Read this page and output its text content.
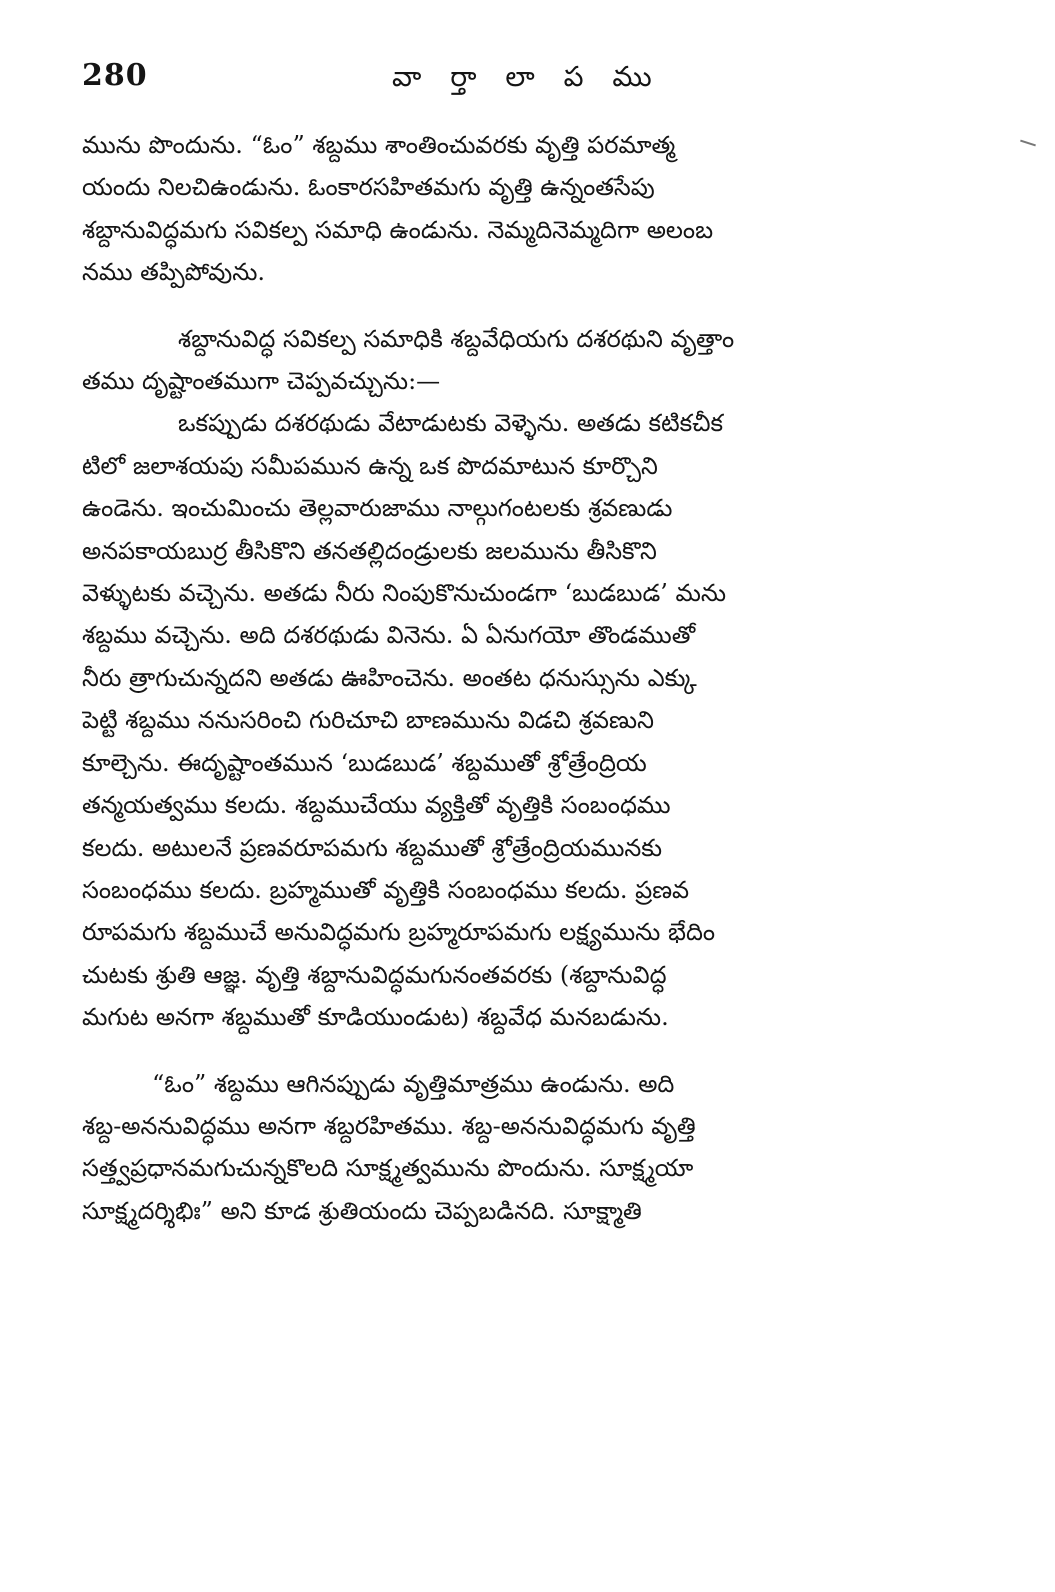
280	వా ర్తా లా ప ము

మును పొందును. “ఓం” శబ్దము శాంతించువరకు వృత్తి పరమాత్మ
యందు నిలచిఉండును. ఓంకారసహితమగు వృత్తి ఉన్నంతసేపు
శబ్దానువిద్ధమగు సవికల్ప సమాధి ఉండును. నెమ్మదినెమ్మదిగా అలంబ
నము తప్పిపోవును.

శబ్దానువిద్ధ సవికల్ప సమాధికి శబ్దవేధియగు దశరథుని వృత్తాం
తము దృష్టాంతముగా చెప్పవచ్చును:—

ఒకప్పుడు దశరథుడు వేటాడుటకు వెళ్ళెను. అతడు కటికచీక
టిలో జలాశయపు సమీపమున ఉన్న ఒక పొదమాటున కూర్చొని
ఉండెను. ఇంచుమించు తెల్లవారుజాము నాల్గుగంటలకు శ్రవణుడు
అనపకాయబుర్ర తీసికొని తనతల్లిదండ్రులకు జలమును తీసికొని
వెళ్ళుటకు వచ్చెను. అతడు నీరు నింపుకొనుచుండగా ‘బుడబుడ’ మను
శబ్దము వచ్చెను. అది దశరథుడు వినెను. ఏ ఏనుగయో తొండముతో
నీరు త్రాగుచున్నదని అతడు ఊహించెను. అంతట ధనుస్సును ఎక్కు
పెట్టి శబ్దము ననుసరించి గురిచూచి బాణమును విడచి శ్రవణుని
కూల్చెను. ఈదృష్టాంతమున ‘బుడబుడ’ శబ్దముతో శ్రోత్రేంద్రియ
తన్మయత్వము కలదు. శబ్దముచేయు వ్యక్తితో వృత్తికి సంబంధము
కలదు. అటులనే ప్రణవరూపమగు శబ్దముతో శ్రోత్రేంద్రియమునకు
సంబంధము కలదు. బ్రహ్మముతో వృత్తికి సంబంధము కలదు. ప్రణవ
రూపమగు శబ్దముచే అనువిద్ధమగు బ్రహ్మరూపమగు లక్ష్యమును భేదిం
చుటకు శ్రుతి ఆజ్ఞ. వృత్తి శబ్దానువిద్ధమగునంతవరకు (శబ్దానువిద్ధ
మగుట అనగా శబ్దముతో కూడియుండుట) శబ్దవేధ మనబడును.

“ఓం” శబ్దము ఆగినప్పుడు వృత్తిమాత్రము ఉండును. అది
శబ్ద-అననువిద్ధము అనగా శబ్దరహితము. శబ్ద-అననువిద్ధమగు వృత్తి
సత్త్వప్రధానమగుచున్నకొలది సూక్ష్మత్వమును పొందును. సూక్ష్మయా
సూక్ష్మదర్శిభిః” అని కూడ శ్రుతియందు చెప్పబడినది. సూక్ష్మాతి
